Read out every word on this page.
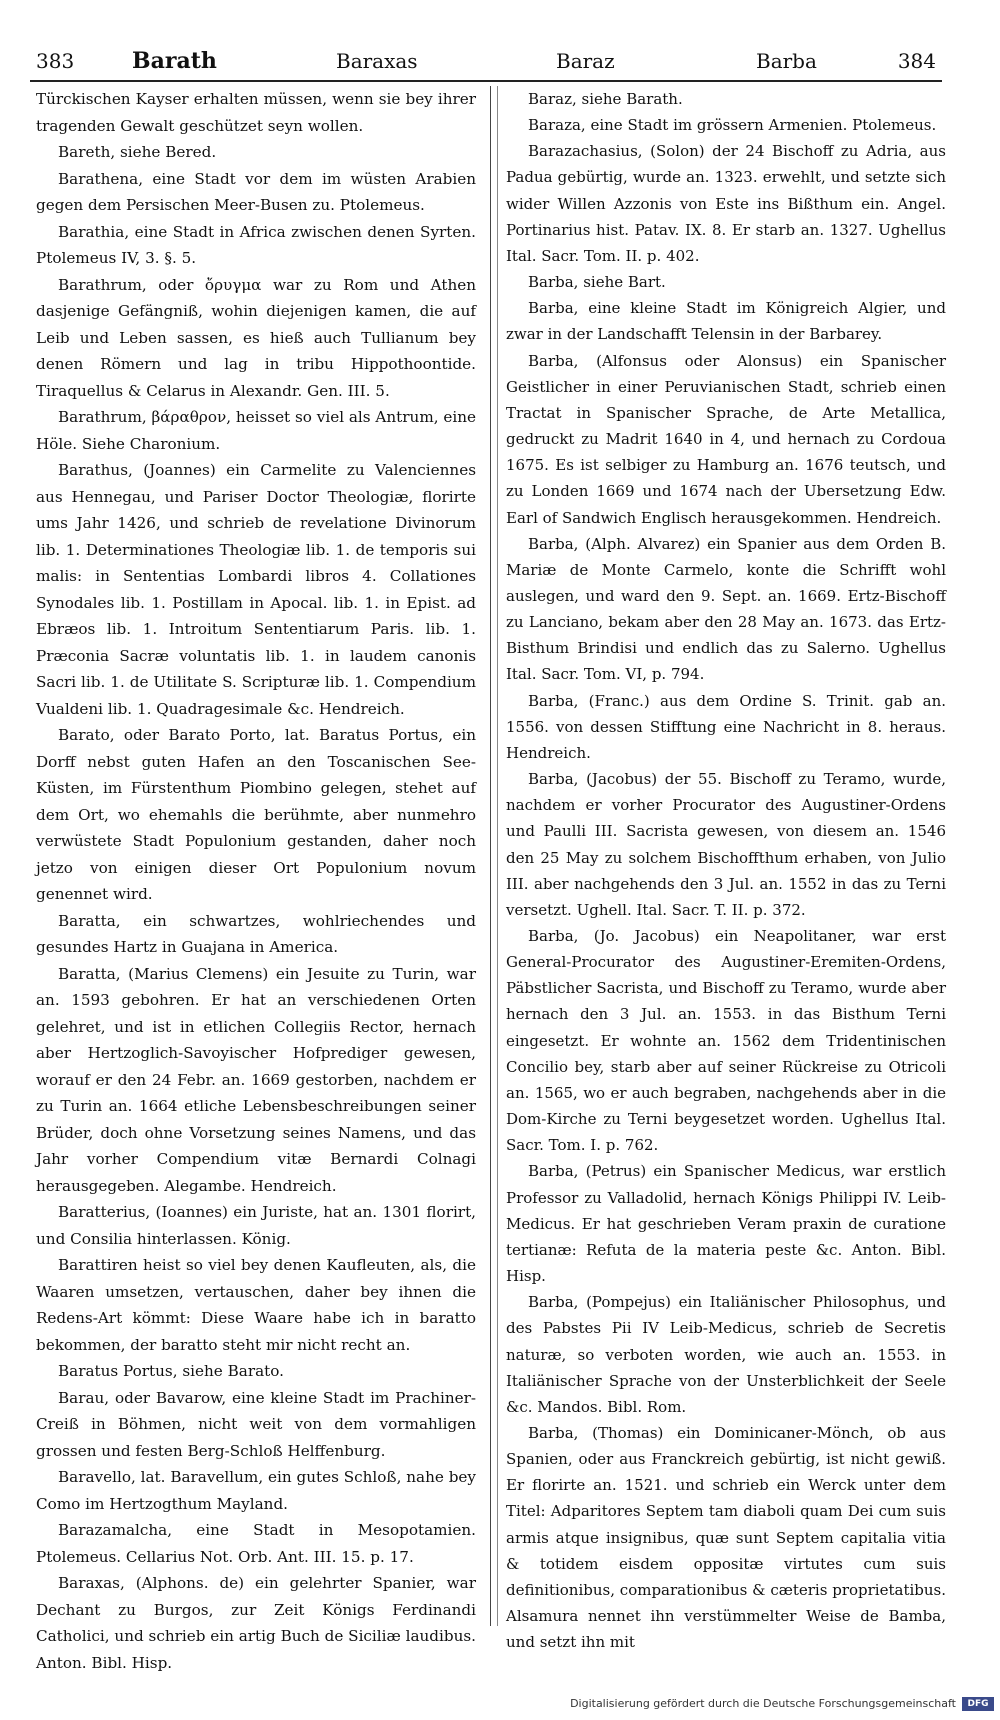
383	Barath	Baraxas	Baraz	Barba	384

Türckischen Kayser erhalten müssen, wenn sie bey ihrer tragenden Gewalt geschützet seyn wollen.

Bareth, siehe Bered.

Barathena, eine Stadt vor dem im wüsten Arabien gegen dem Persischen Meer-Busen zu. Ptolemeus.

Barathia, eine Stadt in Africa zwischen denen Syrten. Ptolemeus IV, 3. §. 5.

Barathrum, oder ὄρυγμα war zu Rom und Athen dasjenige Gefängniß, wohin diejenigen kamen, die auf Leib und Leben sassen, es hieß auch Tullianum bey denen Römern und lag in tribu Hippothoontide. Tiraquellus & Celarus in Alexandr. Gen. III. 5.

Barathrum, βάραθρον, heisset so viel als Antrum, eine Höle. Siehe Charonium.

Barathus, (Joannes) ein Carmelite zu Valenciennes aus Hennegau, und Pariser Doctor Theologiæ, florirte ums Jahr 1426, und schrieb de revelatione Divinorum lib. 1. Determinationes Theologiæ lib. 1. de temporis sui malis: in Sententias Lombardi libros 4. Collationes Synodales lib. 1. Postillam in Apocal. lib. 1. in Epist. ad Ebræos lib. 1. Introitum Sententiarum Paris. lib. 1. Præconia Sacræ voluntatis lib. 1. in laudem canonis Sacri lib. 1. de Utilitate S. Scripturæ lib. 1. Compendium Vualdeni lib. 1. Quadragesimale &c. Hendreich.

Barato, oder Barato Porto, lat. Baratus Portus, ein Dorff nebst guten Hafen an den Toscanischen See-Küsten, im Fürstenthum Piombino gelegen, stehet auf dem Ort, wo ehemahls die berühmte, aber nunmehro verwüstete Stadt Populonium gestanden, daher noch jetzo von einigen dieser Ort Populonium novum genennet wird.

Baratta, ein schwartzes, wohlriechendes und gesundes Hartz in Guajana in America.

Baratta, (Marius Clemens) ein Jesuite zu Turin, war an. 1593 gebohren. Er hat an verschiedenen Orten gelehret, und ist in etlichen Collegiis Rector, hernach aber Hertzoglich-Savoyischer Hofprediger gewesen, worauf er den 24 Febr. an. 1669 gestorben, nachdem er zu Turin an. 1664 etliche Lebensbeschreibungen seiner Brüder, doch ohne Vorsetzung seines Namens, und das Jahr vorher Compendium vitæ Bernardi Colnagi herausgegeben. Alegambe. Hendreich.

Baratterius, (Ioannes) ein Juriste, hat an. 1301 florirt, und Consilia hinterlassen. König.

Barattiren heist so viel bey denen Kaufleuten, als, die Waaren umsetzen, vertauschen, daher bey ihnen die Redens-Art kömmt: Diese Waare habe ich in baratto bekommen, der baratto steht mir nicht recht an.

Baratus Portus, siehe Barato.

Barau, oder Bavarow, eine kleine Stadt im Prachiner-Creiß in Böhmen, nicht weit von dem vormahligen grossen und festen Berg-Schloß Helffenburg.

Baravello, lat. Baravellum, ein gutes Schloß, nahe bey Como im Hertzogthum Mayland.

Barazamalcha, eine Stadt in Mesopotamien. Ptolemeus. Cellarius Not. Orb. Ant. III. 15. p. 17.

Baraxas, (Alphons. de) ein gelehrter Spanier, war Dechant zu Burgos, zur Zeit Königs Ferdinandi Catholici, und schrieb ein artig Buch de Siciliæ laudibus. Anton. Bibl. Hisp.

Baraz, siehe Barath.

Baraza, eine Stadt im grössern Armenien. Ptolemeus.

Barazachasius, (Solon) der 24 Bischoff zu Adria, aus Padua gebürtig, wurde an. 1323. erwehlt, und setzte sich wider Willen Azzonis von Este ins Bißthum ein. Angel. Portinarius hist. Patav. IX. 8. Er starb an. 1327. Ughellus Ital. Sacr. Tom. II. p. 402.

Barba, siehe Bart.

Barba, eine kleine Stadt im Königreich Algier, und zwar in der Landschafft Telensin in der Barbarey.

Barba, (Alfonsus oder Alonsus) ein Spanischer Geistlicher in einer Peruvianischen Stadt, schrieb einen Tractat in Spanischer Sprache, de Arte Metallica, gedruckt zu Madrit 1640 in 4, und hernach zu Cordoua 1675. Es ist selbiger zu Hamburg an. 1676 teutsch, und zu Londen 1669 und 1674 nach der Ubersetzung Edw. Earl of Sandwich Englisch herausgekommen. Hendreich.

Barba, (Alph. Alvarez) ein Spanier aus dem Orden B. Mariæ de Monte Carmelo, konte die Schrifft wohl auslegen, und ward den 9. Sept. an. 1669. Ertz-Bischoff zu Lanciano, bekam aber den 28 May an. 1673. das Ertz-Bisthum Brindisi und endlich das zu Salerno. Ughellus Ital. Sacr. Tom. VI, p. 794.

Barba, (Franc.) aus dem Ordine S. Trinit. gab an. 1556. von dessen Stifftung eine Nachricht in 8. heraus. Hendreich.

Barba, (Jacobus) der 55. Bischoff zu Teramo, wurde, nachdem er vorher Procurator des Augustiner-Ordens und Paulli III. Sacrista gewesen, von diesem an. 1546 den 25 May zu solchem Bischoffthum erhaben, von Julio III. aber nachgehends den 3 Jul. an. 1552 in das zu Terni versetzt. Ughell. Ital. Sacr. T. II. p. 372.

Barba, (Jo. Jacobus) ein Neapolitaner, war erst General-Procurator des Augustiner-Eremiten-Ordens, Päbstlicher Sacrista, und Bischoff zu Teramo, wurde aber hernach den 3 Jul. an. 1553. in das Bisthum Terni eingesetzt. Er wohnte an. 1562 dem Tridentinischen Concilio bey, starb aber auf seiner Rückreise zu Otricoli an. 1565, wo er auch begraben, nachgehends aber in die Dom-Kirche zu Terni beygesetzet worden. Ughellus Ital. Sacr. Tom. I. p. 762.

Barba, (Petrus) ein Spanischer Medicus, war erstlich Professor zu Valladolid, hernach Königs Philippi IV. Leib-Medicus. Er hat geschrieben Veram praxin de curatione tertianæ: Refuta de la materia peste &c. Anton. Bibl. Hisp.

Barba, (Pompejus) ein Italiänischer Philosophus, und des Pabstes Pii IV Leib-Medicus, schrieb de Secretis naturæ, so verboten worden, wie auch an. 1553. in Italiänischer Sprache von der Unsterblichkeit der Seele &c. Mandos. Bibl. Rom.

Barba, (Thomas) ein Dominicaner-Mönch, ob aus Spanien, oder aus Franckreich gebürtig, ist nicht gewiß. Er florirte an. 1521. und schrieb ein Werck unter dem Titel: Adparitores Septem tam diaboli quam Dei cum suis armis atque insignibus, quæ sunt Septem capitalia vitia & totidem eisdem oppositæ virtutes cum suis definitionibus, comparationibus & cæteris proprietatibus. Alsamura nennet ihn verstümmelter Weise de Bamba, und setzt ihn mit

Digitalisierung gefördert durch die Deutsche Forschungsgemeinschaft	DFG
